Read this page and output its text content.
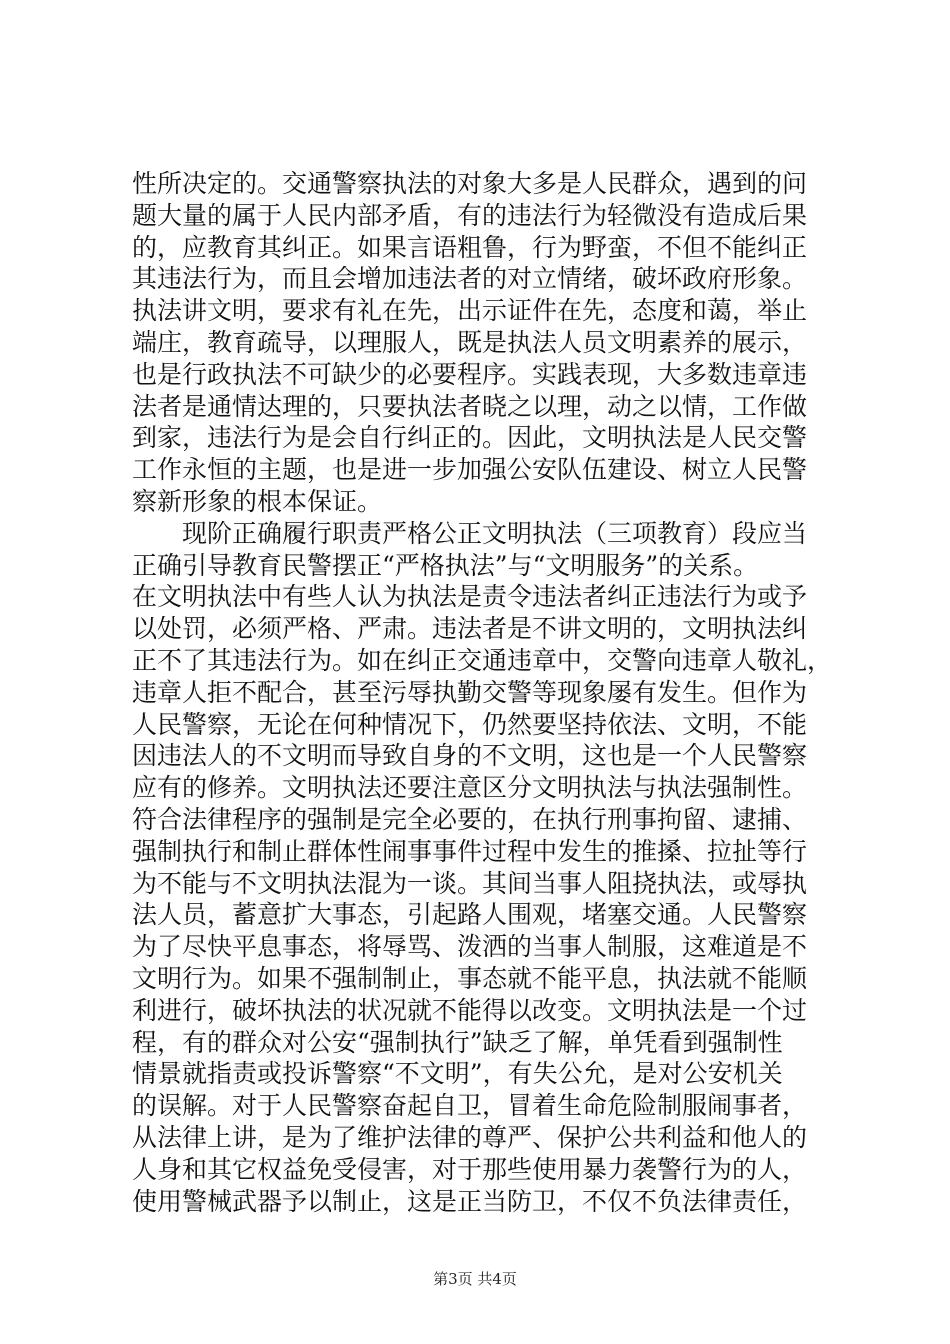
性所决定的。交通警察执法的对象大多是人民群众，遇到的问
题大量的属于人民内部矛盾，有的违法行为轻微没有造成后果
的，应教育其纠正。如果言语粗鲁，行为野蛮，不但不能纠正
其违法行为，而且会增加违法者的对立情绪，破坏政府形象。
执法讲文明，要求有礼在先，出示证件在先，态度和蔼，举止
端庄，教育疏导，以理服人，既是执法人员文明素养的展示，
也是行政执法不可缺少的必要程序。实践表现，大多数违章违
法者是通情达理的，只要执法者晓之以理，动之以情，工作做
到家，违法行为是会自行纠正的。因此，文明执法是人民交警
工作永恒的主题，也是进一步加强公安队伍建设、树立人民警
察新形象的根本保证。
现阶正确履行职责严格公正文明执法（三项教育）段应当
正确引导教育民警摆正“严格执法”与“文明服务”的关系。
在文明执法中有些人认为执法是责令违法者纠正违法行为或予
以处罚，必须严格、严肃。违法者是不讲文明的，文明执法纠
正不了其违法行为。如在纠正交通违章中，交警向违章人敬礼，
违章人拒不配合，甚至污辱执勤交警等现象屡有发生。但作为
人民警察，无论在何种情况下，仍然要坚持依法、文明，不能
因违法人的不文明而导致自身的不文明，这也是一个人民警察
应有的修养。文明执法还要注意区分文明执法与执法强制性。
符合法律程序的强制是完全必要的，在执行刑事拘留、逮捕、
强制执行和制止群体性闹事事件过程中发生的推搡、拉扯等行
为不能与不文明执法混为一谈。其间当事人阻挠执法，或辱执
法人员，蓄意扩大事态，引起路人围观，堵塞交通。人民警察
为了尽快平息事态，将辱骂、泼洒的当事人制服，这难道是不
文明行为。如果不强制制止，事态就不能平息，执法就不能顺
利进行，破坏执法的状况就不能得以改变。文明执法是一个过
程，有的群众对公安“强制执行”缺乏了解，单凭看到强制性
情景就指责或投诉警察“不文明”，有失公允，是对公安机关
的误解。对于人民警察奋起自卫，冒着生命危险制服闹事者，
从法律上讲，是为了维护法律的尊严、保护公共利益和他人的
人身和其它权益免受侵害，对于那些使用暴力袭警行为的人，
使用警械武器予以制止，这是正当防卫，不仅不负法律责任，
第3页 共4页
